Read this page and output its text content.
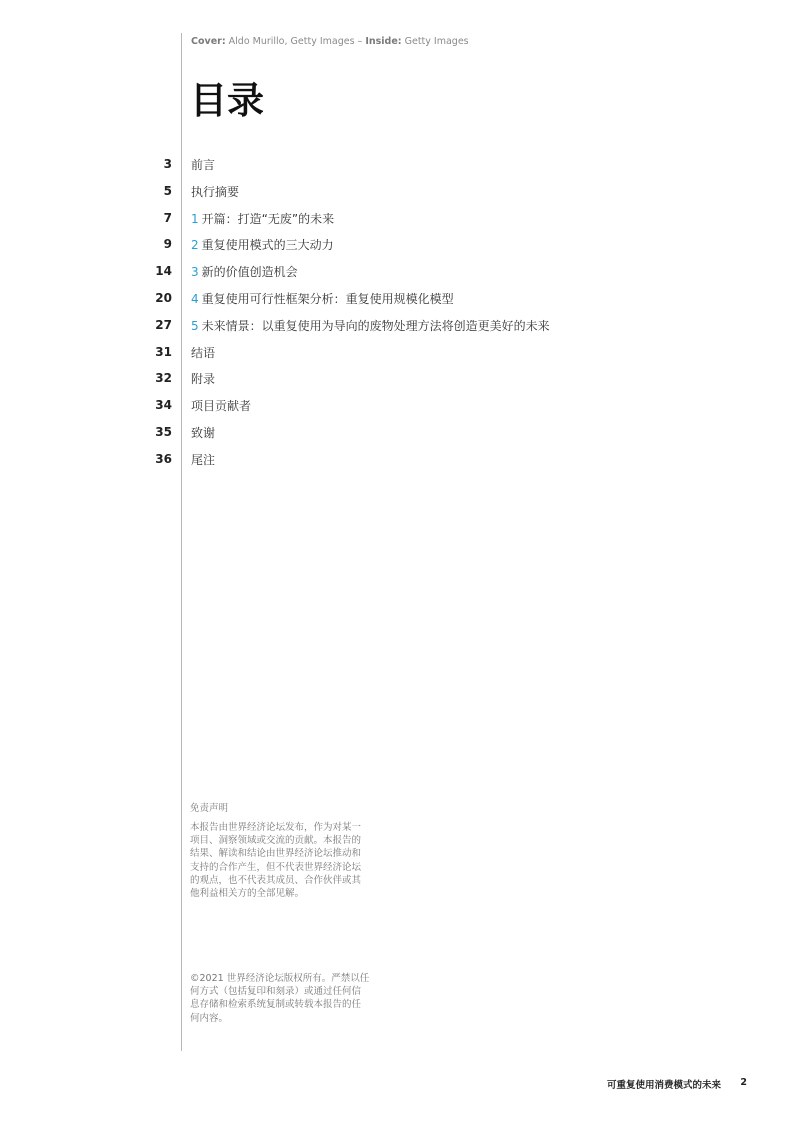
Cover: Aldo Murillo, Getty Images – Inside: Getty Images
目录
3 前言
5 执行摘要
7 1 开篇：打造“无废”的未来
9 2 重复使用模式的三大动力
14 3 新的价值创造机会
20 4 重复使用可行性框架分析：重复使用规模化模型
27 5 未来情景：以重复使用为导向的废物处理方法将创造更美好的未来
31 结语
32 附录
34 项目贡献者
35 致谢
36 尾注
免责声明
本报告由世界经济论坛发布，作为对某一
项目、洞察领域或交流的贡献。本报告的
结果、解读和结论由世界经济论坛推动和
支持的合作产生，但不代表世界经济论坛
的观点，也不代表其成员、合作伙伴或其
他利益相关方的全部见解。
©2021 世界经济论坛版权所有。严禁以任
何方式（包括复印和刻录）或通过任何信
息存储和检索系统复制或转载本报告的任
何内容。
可重复使用消费模式的未来 2
